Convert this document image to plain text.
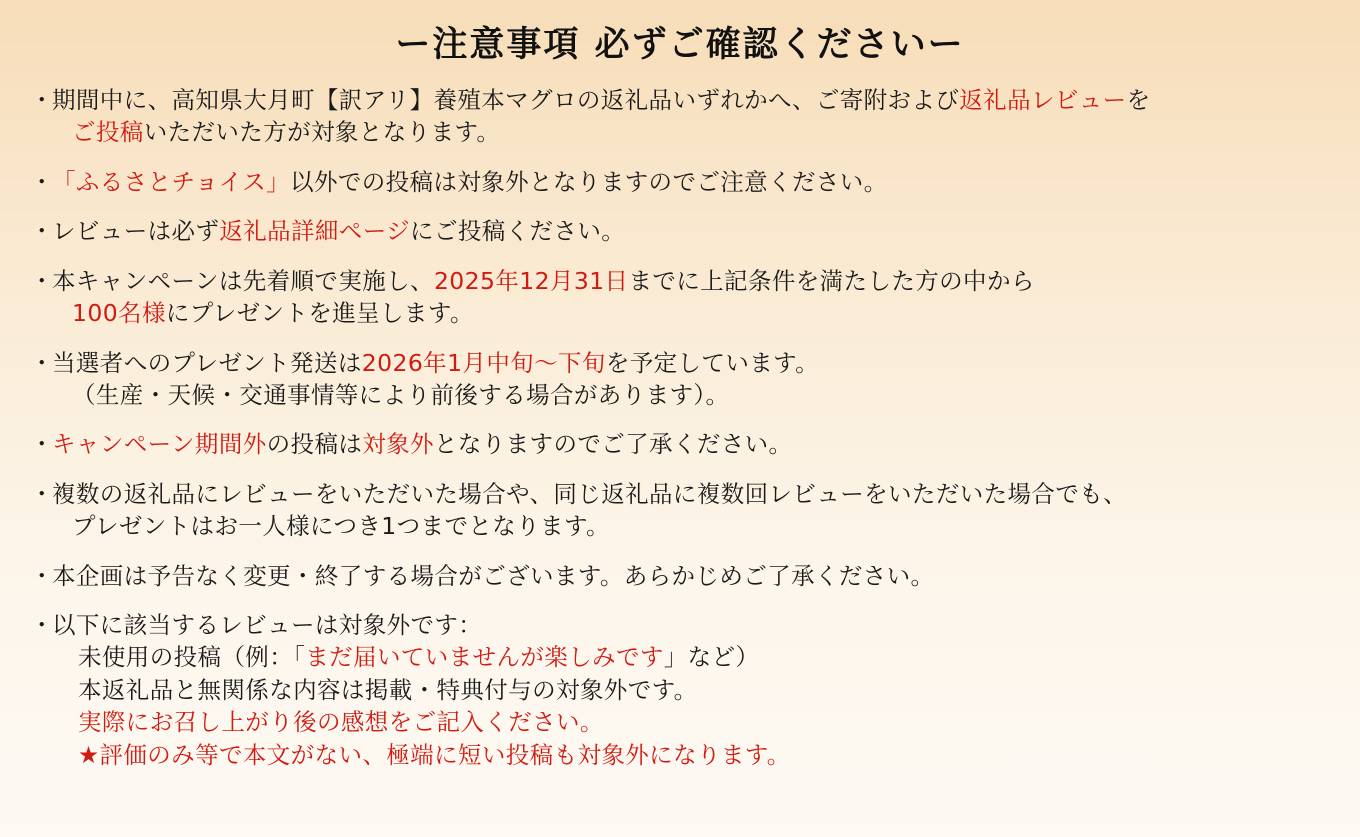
ー注意事項 必ずご確認くださいー
・
期間中に、高知県大月町【訳アリ】養殖本マグロの返礼品いずれかへ、ご寄附および返礼品レビューを
ご投稿いただいた方が対象となります。
・
「ふるさとチョイス」以外での投稿は対象外となりますのでご注意ください。
・
レビューは必ず返礼品詳細ページにご投稿ください。
・
本キャンペーンは先着順で実施し、2025年12月31日までに上記条件を満たした方の中から
100名様にプレゼントを進呈します。
・
当選者へのプレゼント発送は2026年1月中旬〜下旬を予定しています。
（生産・天候・交通事情等により前後する場合があります）。
・
キャンペーン期間外の投稿は対象外となりますのでご了承ください。
・
複数の返礼品にレビューをいただいた場合や、同じ返礼品に複数回レビューをいただいた場合でも、
プレゼントはお一人様につき1つまでとなります。
・
本企画は予告なく変更・終了する場合がございます。あらかじめご了承ください。
・
以下に該当するレビューは対象外です：
未使用の投稿（例：「まだ届いていませんが楽しみです」など）
本返礼品と無関係な内容は掲載・特典付与の対象外です。
実際にお召し上がり後の感想をご記入ください。
★評価のみ等で本文がない、極端に短い投稿も対象外になります。
